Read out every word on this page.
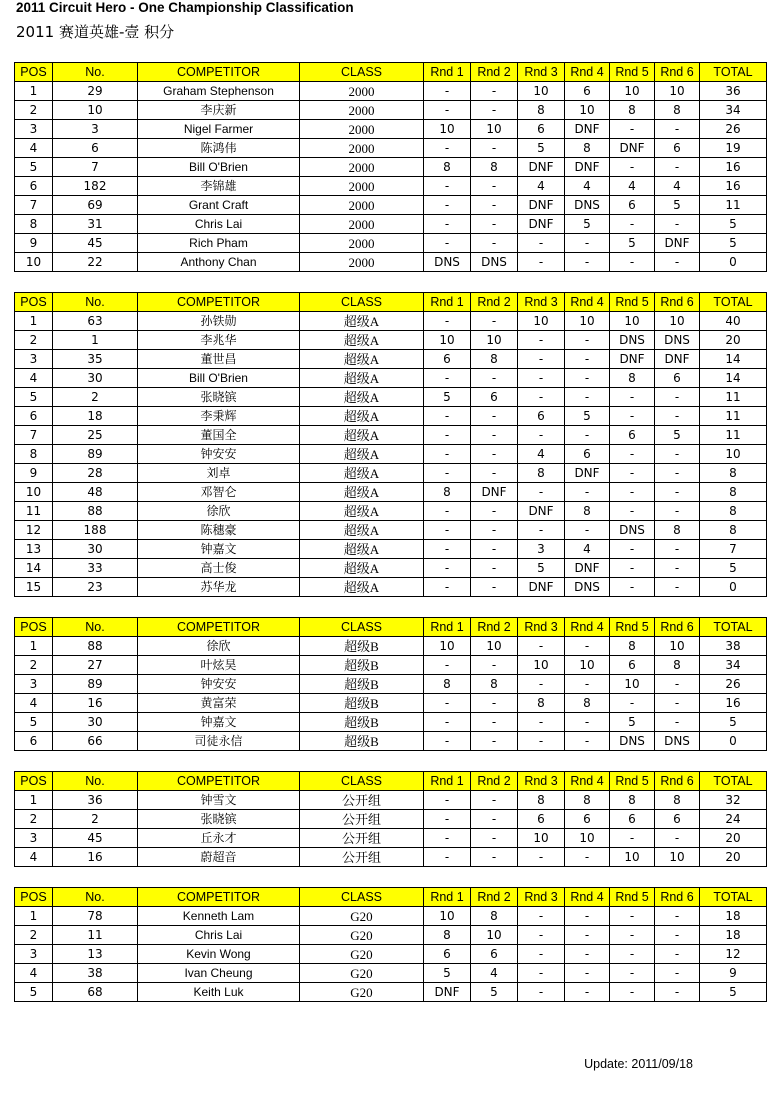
2011 Circuit Hero - One Championship Classification
2011 赛道英雄-壹 积分
POS	No.	COMPETITOR	CLASS	Rnd 1	Rnd 2	Rnd 3	Rnd 4	Rnd 5	Rnd 6	TOTAL
1	29	Graham Stephenson	2000	-	-	10	6	10	10	36
2	10	李庆新	2000	-	-	8	10	8	8	34
3	3	Nigel Farmer	2000	10	10	6	DNF	-	-	26
4	6	陈鸿伟	2000	-	-	5	8	DNF	6	19
5	7	Bill O'Brien	2000	8	8	DNF	DNF	-	-	16
6	182	李锦雄	2000	-	-	4	4	4	4	16
7	69	Grant Craft	2000	-	-	DNF	DNS	6	5	11
8	31	Chris Lai	2000	-	-	DNF	5	-	-	5
9	45	Rich Pham	2000	-	-	-	-	5	DNF	5
10	22	Anthony Chan	2000	DNS	DNS	-	-	-	-	0
POS	No.	COMPETITOR	CLASS	Rnd 1	Rnd 2	Rnd 3	Rnd 4	Rnd 5	Rnd 6	TOTAL
1	63	孙铁勋	超级A	-	-	10	10	10	10	40
2	1	李兆华	超级A	10	10	-	-	DNS	DNS	20
3	35	董世昌	超级A	6	8	-	-	DNF	DNF	14
4	30	Bill O'Brien	超级A	-	-	-	-	8	6	14
5	2	张晓镔	超级A	5	6	-	-	-	-	11
6	18	李秉辉	超级A	-	-	6	5	-	-	11
7	25	董国全	超级A	-	-	-	-	6	5	11
8	89	钟安安	超级A	-	-	4	6	-	-	10
9	28	刘卓	超级A	-	-	8	DNF	-	-	8
10	48	邓智仑	超级A	8	DNF	-	-	-	-	8
11	88	徐欣	超级A	-	-	DNF	8	-	-	8
12	188	陈穗豪	超级A	-	-	-	-	DNS	8	8
13	30	钟嘉文	超级A	-	-	3	4	-	-	7
14	33	高士俊	超级A	-	-	5	DNF	-	-	5
15	23	苏华龙	超级A	-	-	DNF	DNS	-	-	0
POS	No.	COMPETITOR	CLASS	Rnd 1	Rnd 2	Rnd 3	Rnd 4	Rnd 5	Rnd 6	TOTAL
1	88	徐欣	超级B	10	10	-	-	8	10	38
2	27	叶炫昊	超级B	-	-	10	10	6	8	34
3	89	钟安安	超级B	8	8	-	-	10	-	26
4	16	黄富荣	超级B	-	-	8	8	-	-	16
5	30	钟嘉文	超级B	-	-	-	-	5	-	5
6	66	司徒永信	超级B	-	-	-	-	DNS	DNS	0
POS	No.	COMPETITOR	CLASS	Rnd 1	Rnd 2	Rnd 3	Rnd 4	Rnd 5	Rnd 6	TOTAL
1	36	钟雪文	公开组	-	-	8	8	8	8	32
2	2	张晓镔	公开组	-	-	6	6	6	6	24
3	45	丘永才	公开组	-	-	10	10	-	-	20
4	16	蔚超音	公开组	-	-	-	-	10	10	20
POS	No.	COMPETITOR	CLASS	Rnd 1	Rnd 2	Rnd 3	Rnd 4	Rnd 5	Rnd 6	TOTAL
1	78	Kenneth Lam	G20	10	8	-	-	-	-	18
2	11	Chris Lai	G20	8	10	-	-	-	-	18
3	13	Kevin Wong	G20	6	6	-	-	-	-	12
4	38	Ivan Cheung	G20	5	4	-	-	-	-	9
5	68	Keith Luk	G20	DNF	5	-	-	-	-	5
Update: 2011/09/18
